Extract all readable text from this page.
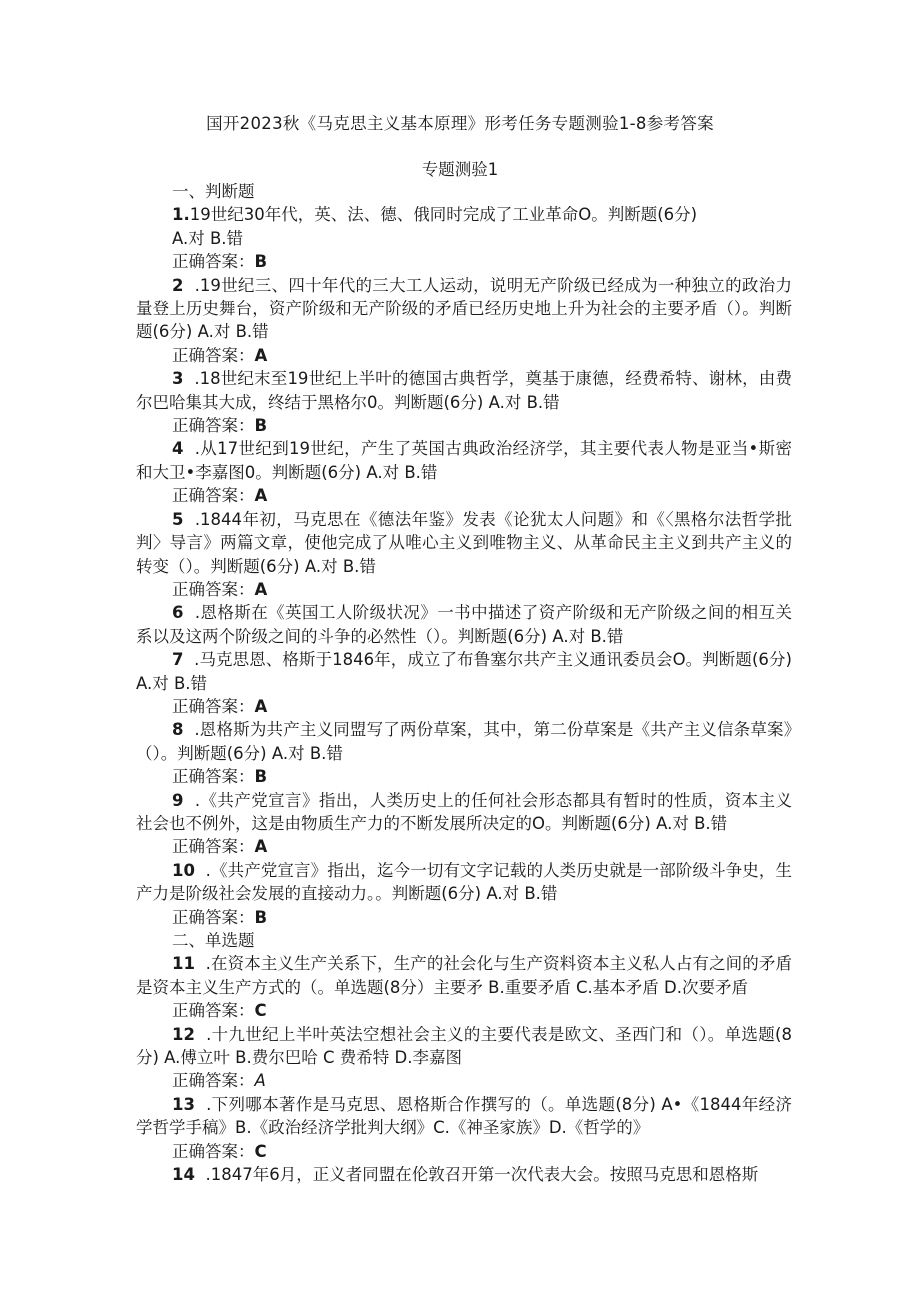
国开2023秋《马克思主义基本原理》形考任务专题测验1-8参考答案
专题测验1

一、判断题

1.19世纪30年代，英、法、德、俄同时完成了工业革命O。判断题(6分)

A.对 B.错

正确答案：B

2 .19世纪三、四十年代的三大工人运动，说明无产阶级已经成为一种独立的政治力量登上历史舞台，资产阶级和无产阶级的矛盾已经历史地上升为社会的主要矛盾（）。判断题(6分) A.对 B.错

正确答案：A

3 .18世纪末至19世纪上半叶的德国古典哲学，奠基于康德，经费希特、谢林，由费尔巴哈集其大成，终结于黑格尔0。判断题(6分) A.对 B.错

正确答案：B

4 .从17世纪到19世纪，产生了英国古典政治经济学，其主要代表人物是亚当•斯密和大卫•李嘉图0。判断题(6分) A.对 B.错

正确答案：A

5 .1844年初，马克思在《德法年鉴》发表《论犹太人问题》和《〈黑格尔法哲学批判〉导言》两篇文章，使他完成了从唯心主义到唯物主义、从革命民主主义到共产主义的转变（）。判断题(6分) A.对 B.错

正确答案：A

6 .恩格斯在《英国工人阶级状况》一书中描述了资产阶级和无产阶级之间的相互关系以及这两个阶级之间的斗争的必然性（）。判断题(6分) A.对 B.错

7 .马克思恩、格斯于1846年，成立了布鲁塞尔共产主义通讯委员会O。判断题(6分) A.对 B.错

正确答案：A

8 .恩格斯为共产主义同盟写了两份草案，其中，第二份草案是《共产主义信条草案》（）。判断题(6分) A.对 B.错

正确答案：B

9 .《共产党宣言》指出，人类历史上的任何社会形态都具有暂时的性质，资本主义社会也不例外，这是由物质生产力的不断发展所决定的O。判断题(6分) A.对 B.错

正确答案：A

10 .《共产党宣言》指出，迄今一切有文字记载的人类历史就是一部阶级斗争史，生产力是阶级社会发展的直接动力。。判断题(6分) A.对 B.错

正确答案：B

二、单选题

11 .在资本主义生产关系下，生产的社会化与生产资料资本主义私人占有之间的矛盾是资本主义生产方式的（。单选题(8分）主要矛 B.重要矛盾 C.基本矛盾 D.次要矛盾

正确答案：C

12 .十九世纪上半叶英法空想社会主义的主要代表是欧文、圣西门和（）。单选题(8分) A.傅立叶 B.费尔巴哈 C 费希特 D.李嘉图

正确答案：A

13 .下列哪本著作是马克思、恩格斯合作撰写的（。单选题(8分) A•《1844年经济学哲学手稿》B.《政治经济学批判大纲》C.《神圣家族》D.《哲学的》

正确答案：C

14 .1847年6月，正义者同盟在伦敦召开第一次代表大会。按照马克思和恩格斯
